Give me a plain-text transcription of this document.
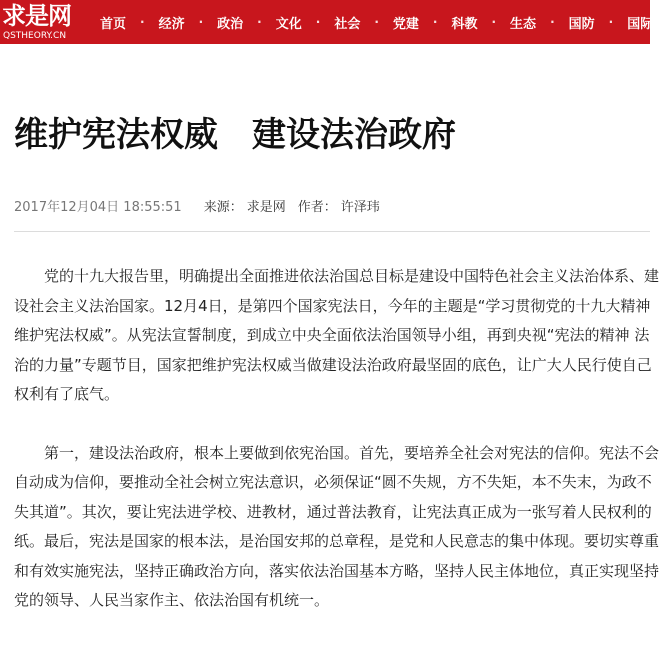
求是网
QSTHEORY.CN
首页	·	经济	·	政治	·	文化	·	社会	·	党建	·	科教	·	生态	·	国防	·	国际
维护宪法权威　建设法治政府
2017年12月04日 18:55:51 来源： 求是网 作者： 许泽玮

党的十九大报告里，明确提出全面推进依法治国总目标是建设中国特色社会主义法治体系、建设社会主义法治国家。12月4日，是第四个国家宪法日，今年的主题是“学习贯彻党的十九大精神 维护宪法权威”。从宪法宣誓制度，到成立中央全面依法治国领导小组，再到央视“宪法的精神 法治的力量”专题节目，国家把维护宪法权威当做建设法治政府最坚固的底色，让广大人民行使自己权利有了底气。

第一，建设法治政府，根本上要做到依宪治国。首先，要培养全社会对宪法的信仰。宪法不会自动成为信仰，要推动全社会树立宪法意识，必须保证“圆不失规，方不失矩，本不失末，为政不失其道”。其次，要让宪法进学校、进教材，通过普法教育，让宪法真正成为一张写着人民权利的纸。最后，宪法是国家的根本法，是治国安邦的总章程，是党和人民意志的集中体现。要切实尊重和有效实施宪法，坚持正确政治方向，落实依法治国基本方略，坚持人民主体地位，真正实现坚持党的领导、人民当家作主、依法治国有机统一。
